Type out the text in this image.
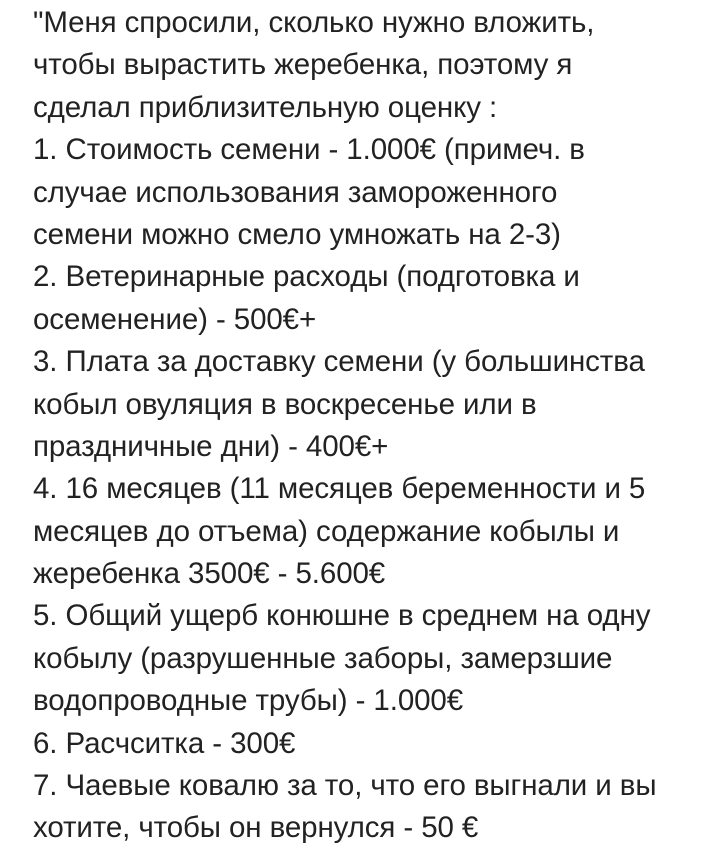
"Меня спросили, сколько нужно вложить,
чтобы вырастить жеребенка, поэтому я
сделал приблизительную оценку :
1. Стоимость семени - 1.000€ (примеч. в
случае использования замороженного
семени можно смело умножать на 2-3)
2. Ветеринарные расходы (подготовка и
осеменение) - 500€+
3. Плата за доставку семени (у большинства
кобыл овуляция в воскресенье или в
праздничные дни) - 400€+
4. 16 месяцев (11 месяцев беременности и 5
месяцев до отъема) содержание кобылы и
жеребенка 3500€ - 5.600€
5. Общий ущерб конюшне в среднем на одну
кобылу (разрушенные заборы, замерзшие
водопроводные трубы) - 1.000€
6. Расчситка - 300€
7. Чаевые ковалю за то, что его выгнали и вы
хотите, чтобы он вернулся - 50 €
